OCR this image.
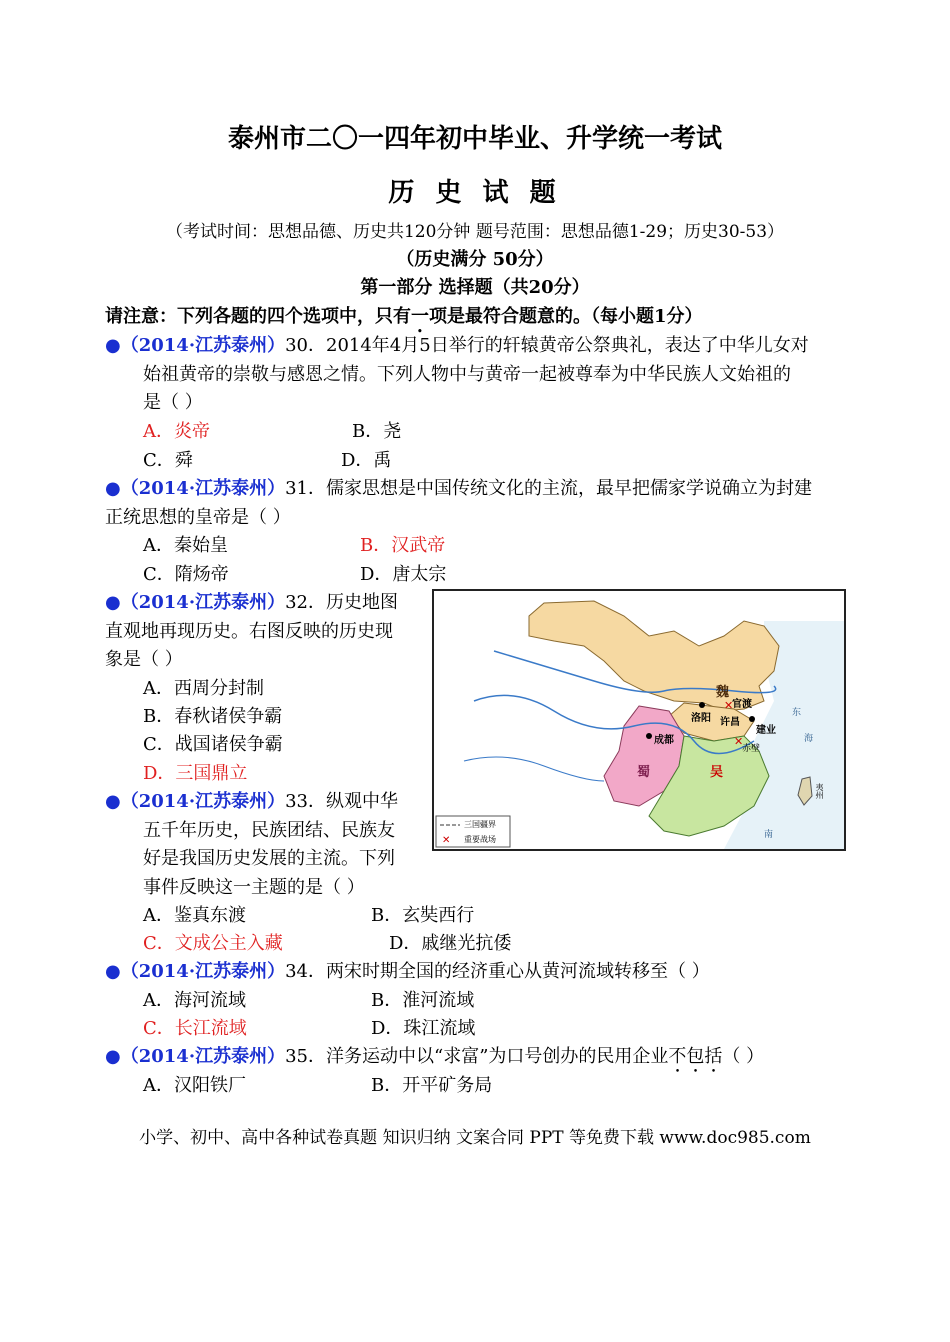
泰州市二〇一四年初中毕业、升学统一考试
历 史 试 题
（考试时间：思想品德、历史共120分钟 题号范围：思想品德1-29；历史30-53）
（历史满分 50分）
第一部分 选择题（共20分）
请注意：下列各题的四个选项中，只有一项是最符合题意的。（每小题1分）
●（2014·江苏泰州）30．2014年4月5日举行的轩辕黄帝公祭典礼，表达了中华儿女对
始祖黄帝的崇敬与感恩之情。下列人物中与黄帝一起被尊奉为中华民族人文始祖的
是（ ）
A．炎帝	B．尧
C．舜	D．禹
●（2014·江苏泰州）31．儒家思想是中国传统文化的主流，最早把儒家学说确立为封建
正统思想的皇帝是（ ）
A．秦始皇	B．汉武帝
C．隋炀帝	D．唐太宗
●（2014·江苏泰州）32．历史地图
直观地再现历史。右图反映的历史现
象是（ ）
A．西周分封制
B．春秋诸侯争霸
C．战国诸侯争霸
D．三国鼎立
✕
✕
✕
魏
蜀	吴
洛阳
官渡
许昌
成都
建业
赤壁
东
海
南
夷州
三国疆界
重要战场
●（2014·江苏泰州）33．纵观中华
五千年历史，民族团结、民族友
好是我国历史发展的主流。下列
事件反映这一主题的是（ ）
A．鉴真东渡	B．玄奘西行
C．文成公主入藏	D．戚继光抗倭
●（2014·江苏泰州）34．两宋时期全国的经济重心从黄河流域转移至（ ）
A．海河流域	B．淮河流域
C．长江流域	D．珠江流域
●（2014·江苏泰州）35．洋务运动中以“求富”为口号创办的民用企业不包括（ ）
A．汉阳铁厂	B．开平矿务局
小学、初中、高中各种试卷真题 知识归纳 文案合同 PPT 等免费下载 www.doc985.com
